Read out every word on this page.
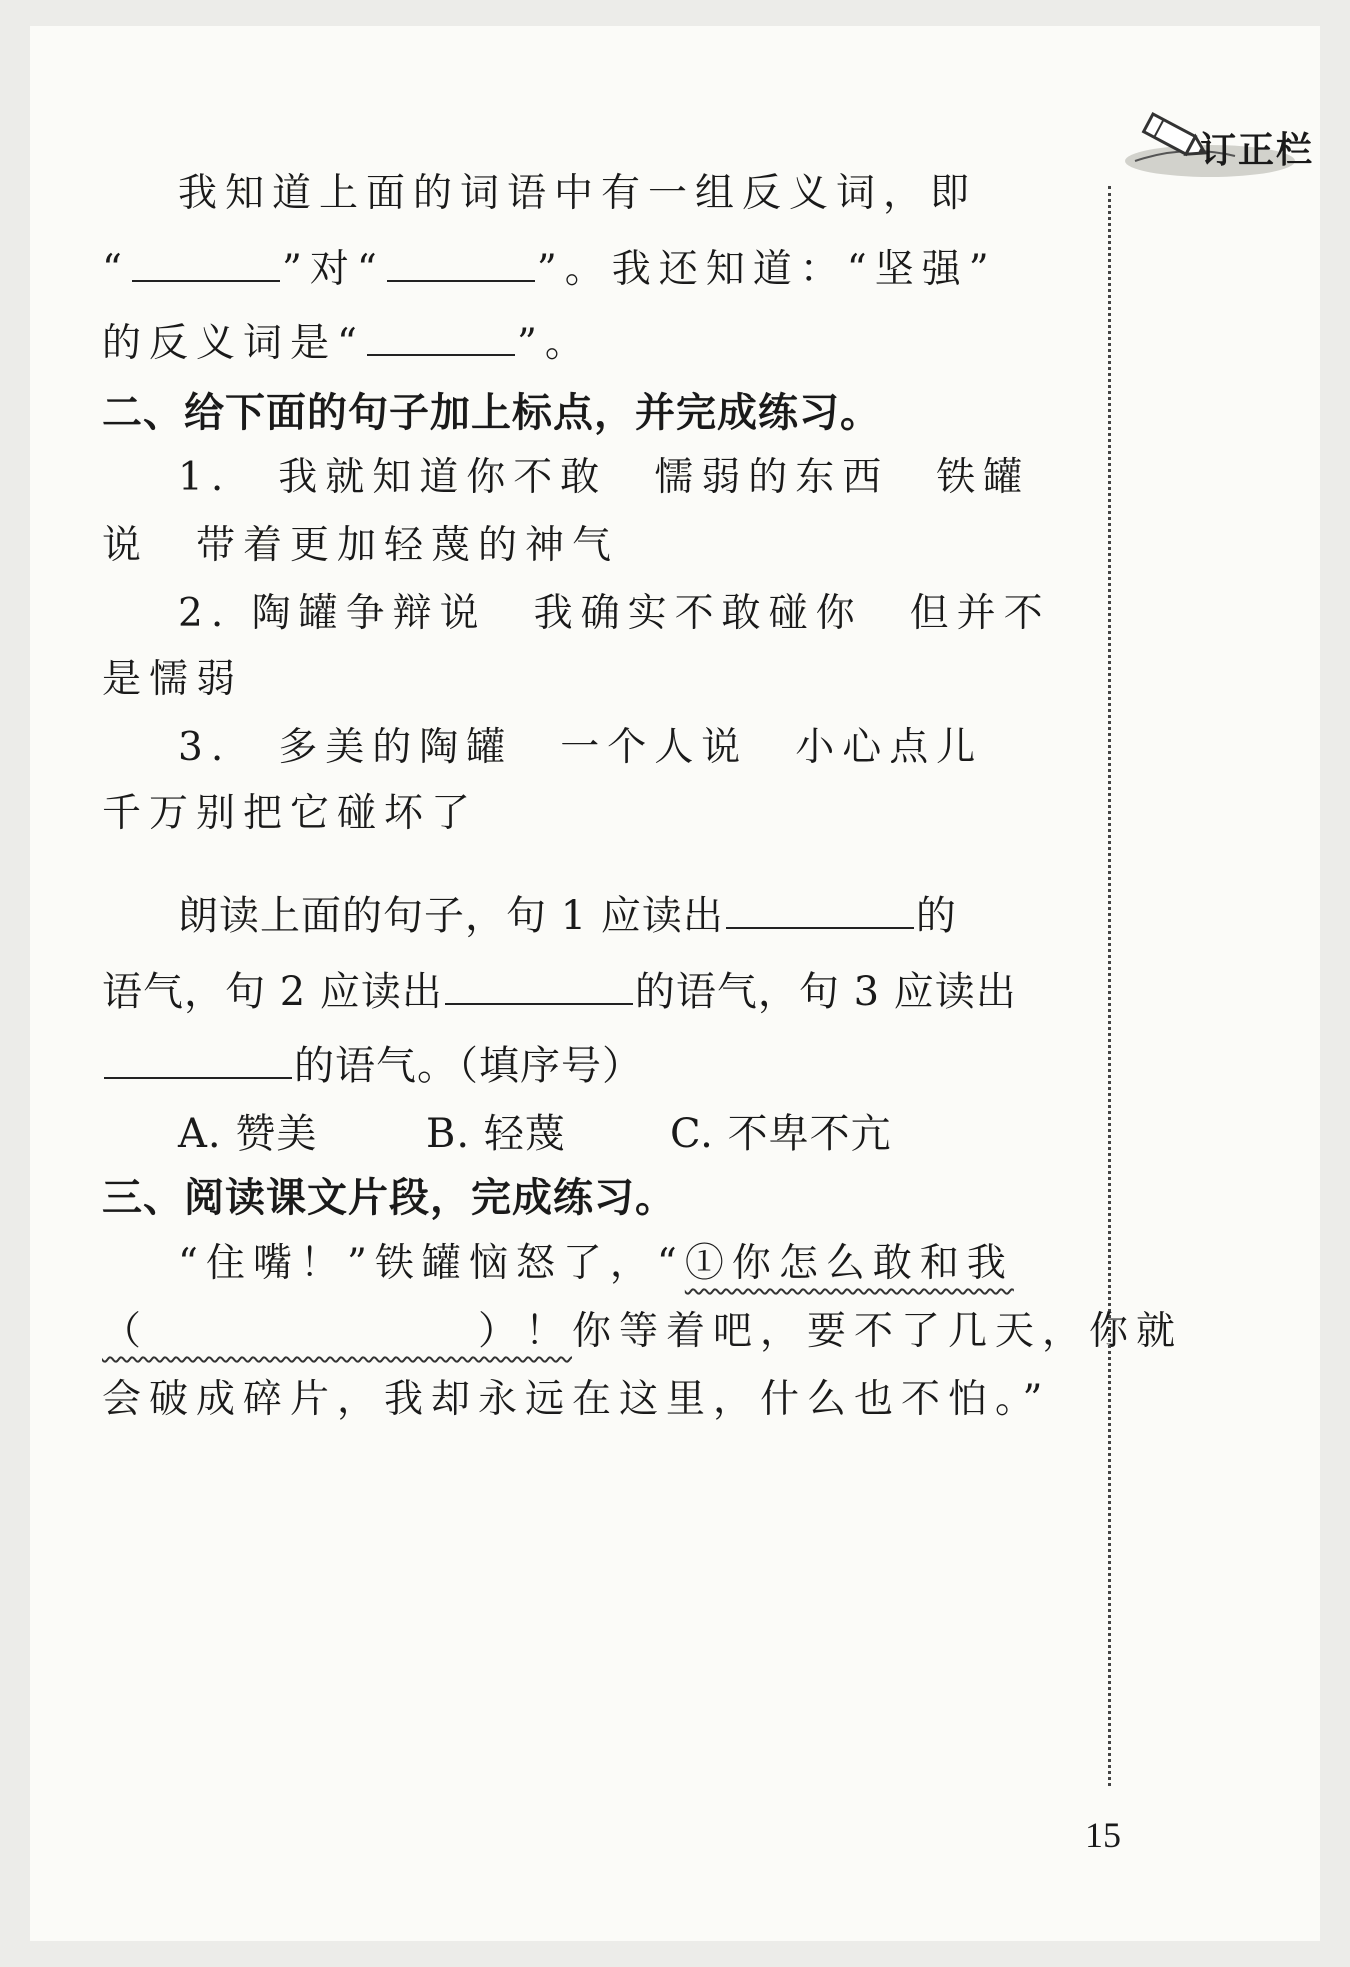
订正栏
我知道上面的词语中有一组反义词，即
“	”对“	”。我还知道：“坚强”
的反义词是“	”。
二、给下面的句子加上标点，并完成练习。
1.　我就知道你不敢　懦弱的东西　铁罐
说　带着更加轻蔑的神气
2. 陶罐争辩说　我确实不敢碰你　但并不
是懦弱
3.　多美的陶罐　一个人说　小心点儿
千万别把它碰坏了
朗读上面的句子，句 1 应读出	的
语气，句 2 应读出	的语气，句 3 应读出
的语气。（填序号）
A. 赞美	B. 轻蔑	C. 不卑不亢
三、阅读课文片段，完成练习。
“住嘴！”铁罐恼怒了，“①你怎么敢和我
（　　　　　　　）！你等着吧，要不了几天，你就
会破成碎片，我却永远在这里，什么也不怕。”
15
